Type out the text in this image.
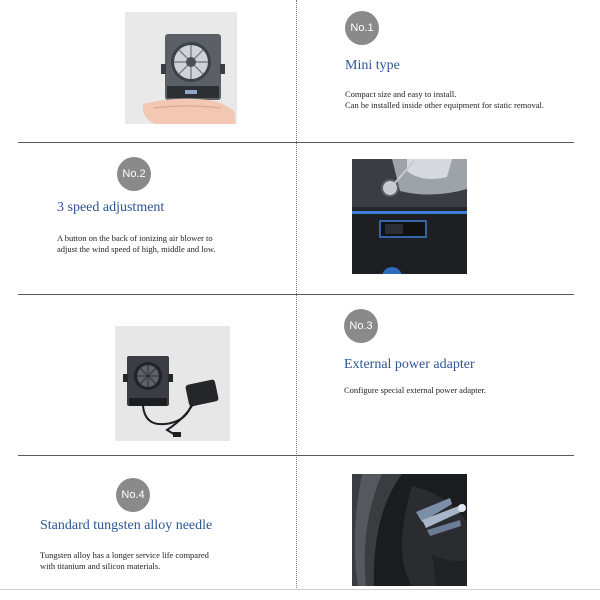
No.1
Mini type
Compact size and easy to install.
Can be installed inside other equipment for static removal.
No.2
3 speed adjustment
A button on the back of ionizing air blower to
adjust the wind speed of high, middle and low.
No.3
External power adapter
Configure special external power adapter.
No.4
Standard tungsten alloy needle
Tungsten alloy has a longer service life compared
with titanium and silicon materials.
